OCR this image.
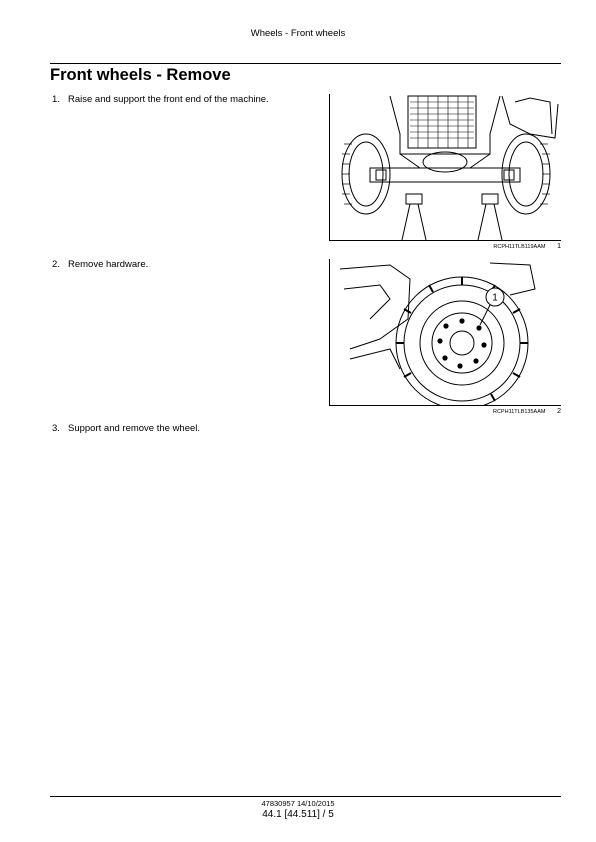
Wheels - Front wheels
Front wheels - Remove
1. Raise and support the front end of the machine.
RCPH11TLB119AAM 1
2. Remove hardware.
1
RCPH11TLB135AAM 2
3. Support and remove the wheel.
47830957 14/10/2015
44.1 [44.511] / 5
